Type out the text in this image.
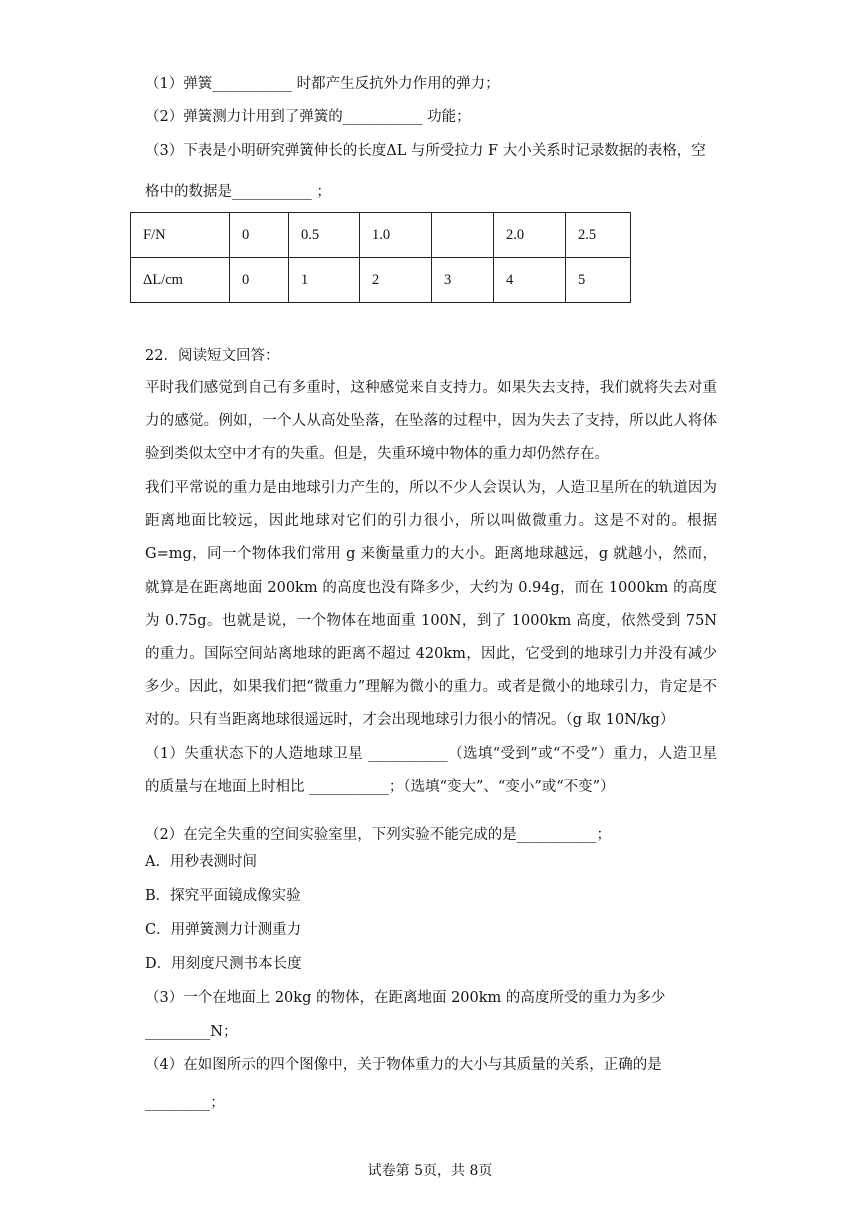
（1）弹簧___________ 时都产生反抗外力作用的弹力；
（2）弹簧测力计用到了弹簧的___________ 功能；
（3）下表是小明研究弹簧伸长的长度ΔL 与所受拉力 F 大小关系时记录数据的表格，空
格中的数据是___________ ；
F/N	0	0.5	1.0		2.0	2.5
ΔL/cm	0	1	2	3	4	5
22．阅读短文回答：
平时我们感觉到自己有多重时，这种感觉来自支持力。如果失去支持，我们就将失去对重力的感觉。例如，一个人从高处坠落，在坠落的过程中，因为失去了支持，所以此人将体验到类似太空中才有的失重。但是，失重环境中物体的重力却仍然存在。
我们平常说的重力是由地球引力产生的，所以不少人会误认为，人造卫星所在的轨道因为距离地面比较远，因此地球对它们的引力很小，所以叫做微重力。这是不对的。根据G=mg，同一个物体我们常用 g 来衡量重力的大小。距离地球越远，g 就越小，然而，就算是在距离地面 200km 的高度也没有降多少，大约为 0.94g，而在 1000km 的高度为 0.75g。也就是说，一个物体在地面重 100N，到了 1000km 高度，依然受到 75N 的重力。国际空间站离地球的距离不超过 420km，因此，它受到的地球引力并没有减少多少。因此，如果我们把“微重力”理解为微小的重力。或者是微小的地球引力，肯定是不对的。只有当距离地球很遥远时，才会出现地球引力很小的情况。（g 取 10N/kg）
（1）失重状态下的人造地球卫星 ___________（选填“受到”或“不受”）重力，人造卫星的质量与在地面上时相比 ___________；（选填“变大”、“变小”或“不变”）
（2）在完全失重的空间实验室里，下列实验不能完成的是___________；
A．用秒表测时间
B．探究平面镜成像实验
C．用弹簧测力计测重力
D．用刻度尺测书本长度
（3）一个在地面上 20kg 的物体，在距离地面 200km 的高度所受的重力为多少
_________N；
（4）在如图所示的四个图像中，关于物体重力的大小与其质量的关系，正确的是
_________；
试卷第 5页，共 8页
